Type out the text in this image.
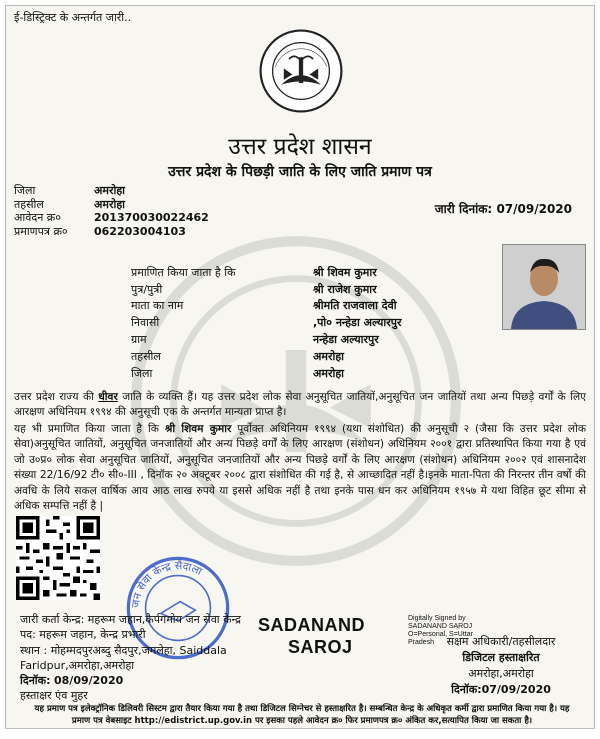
ई-डिस्ट्रिक्ट के अन्तर्गत जारी..
उत्तर प्रदेश शासन
उत्तर प्रदेश के पिछड़ी जाति के लिए जाति प्रमाण पत्र
जिला	अमरोहा
तहसील	अमरोहा
आवेदन क्र०	201370030022462
प्रमाणपत्र क्र०	062203004103
जारी दिनांक: 07/09/2020
प्रमाणित किया जाता है कि	श्री शिवम कुमार
पुत्र/पुत्री	श्री राजेश कुमार
माता का नाम	श्रीमति राजवाला देवी
निवासी	,पो० नन्हेडा अल्यारपुर
ग्राम	नन्हेडा अल्यारपुर
तहसील	अमरोहा
जिला	अमरोहा
उत्तर प्रदेश राज्य की धीवर जाति के व्यक्ति हैं। यह उत्तर प्रदेश लोक सेवा अनुसूचित जातियों,अनुसूचित जन जातियों तथा अन्य पिछड़े वर्गों के लिए आरक्षण अधिनियम १९९४ की अनुसूची एक के अन्तर्गत मान्यता प्राप्त है।
यह भी प्रमाणित किया जाता है कि श्री शिवम कुमार पूर्वोक्त अधिनियम १९९४ (यथा संशोधित) की अनुसूची २ (जैसा कि उत्तर प्रदेश लोक सेवा)अनुसूचित जातियों, अनुसूचित जनजातियों और अन्य पिछड़े वर्गों के लिए आरक्षण (संशोधन) अधिनियम २००१ द्वारा प्रतिस्थापित किया गया है एवं जो उ०प्र० लोक सेवा अनुसूचित जातियों, अनुसूचित जनजातियों और अन्य पिछड़े वर्गों के लिए आरक्षण (संशोधन) अधिनियम २००२ एवं शासनादेश संख्या 22/16/92 टी० सी०-III , दिनॉक २० अक्टूबर २००८ द्वारा संशोधित की गई है, से आच्छादित नहीं है।इनके माता-पिता की निरन्तर तीन वर्षो की अवधि के लिये सकल वार्षिक आय आठ लाख रुपये या इससे अधिक नहीं है तथा इनके पास धन कर अधिनियम १९५७ मे यथा विहित छूट सीमा से अधिक सम्पत्ति नहीं है |
जन सेवा केन्द्र सैदाला
जारी कर्ता केन्द्र: महरूम जहान,कैर्पगमोय जन सेवा केन्द्र
पद: महरूम जहान, केन्द्र प्रभारी
स्थान : मोहम्मदपुरअब्दु सैदपुर,जमलेहा, Saiddala
Faridpur,अमरोहा,अमरोहा
दिनॉक: 08/09/2020
हस्ताक्षर एंव मुहर
SADANAND
SAROJ
Digitally Signed by
SADANAND SAROJ
O=Personal, S=Uttar
Pradesh	सक्षम अधिकारी/तहसीलदार
डिजिटल हस्ताक्षरित
अमरोहा,अमरोहा
दिनॉक:07/09/2020
यह प्रमाण पत्र इलेक्ट्रॉनिक डिलिवरी सिस्टम द्वारा तैयार किया गया है तथा डिजिटल सिग्नेचर से हस्ताक्षरित है। सम्बन्धित केन्द्र के अधिकृत कर्मी द्वारा प्रमाणित किया गया है। यह
प्रमाण पत्र वेबसाइट http://edistrict.up.gov.in पर इसका पहले आवेदन क्र० फिर प्रमाणपत्र क्र० अंकित कर,सत्यापित किया जा सकता है।
